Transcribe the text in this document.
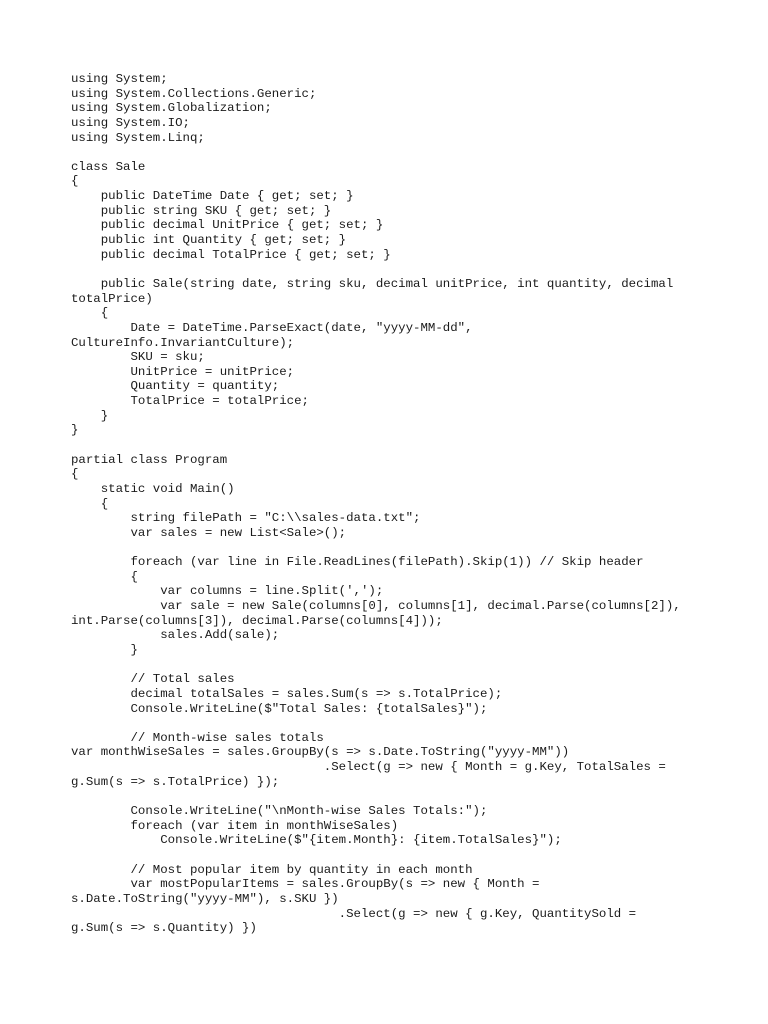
using System;
using System.Collections.Generic;
using System.Globalization;
using System.IO;
using System.Linq;
class Sale
{
public DateTime Date { get; set; }
public string SKU { get; set; }
public decimal UnitPrice { get; set; }
public int Quantity { get; set; }
public decimal TotalPrice { get; set; }
public Sale(string date, string sku, decimal unitPrice, int quantity, decimal
totalPrice)
{
Date = DateTime.ParseExact(date, "yyyy-MM-dd",
CultureInfo.InvariantCulture);
SKU = sku;
UnitPrice = unitPrice;
Quantity = quantity;
TotalPrice = totalPrice;
}
}
partial class Program
{
static void Main()
{
string filePath = "C:\\sales-data.txt";
var sales = new List<Sale>();
foreach (var line in File.ReadLines(filePath).Skip(1)) // Skip header
{
var columns = line.Split(',');
var sale = new Sale(columns[0], columns[1], decimal.Parse(columns[2]),
int.Parse(columns[3]), decimal.Parse(columns[4]));
sales.Add(sale);
}
// Total sales
decimal totalSales = sales.Sum(s => s.TotalPrice);
Console.WriteLine($"Total Sales: {totalSales}");
// Month-wise sales totals
var monthWiseSales = sales.GroupBy(s => s.Date.ToString("yyyy-MM"))
.Select(g => new { Month = g.Key, TotalSales =
g.Sum(s => s.TotalPrice) });
Console.WriteLine("\nMonth-wise Sales Totals:");
foreach (var item in monthWiseSales)
Console.WriteLine($"{item.Month}: {item.TotalSales}");
// Most popular item by quantity in each month
var mostPopularItems = sales.GroupBy(s => new { Month =
s.Date.ToString("yyyy-MM"), s.SKU })
.Select(g => new { g.Key, QuantitySold =
g.Sum(s => s.Quantity) })
